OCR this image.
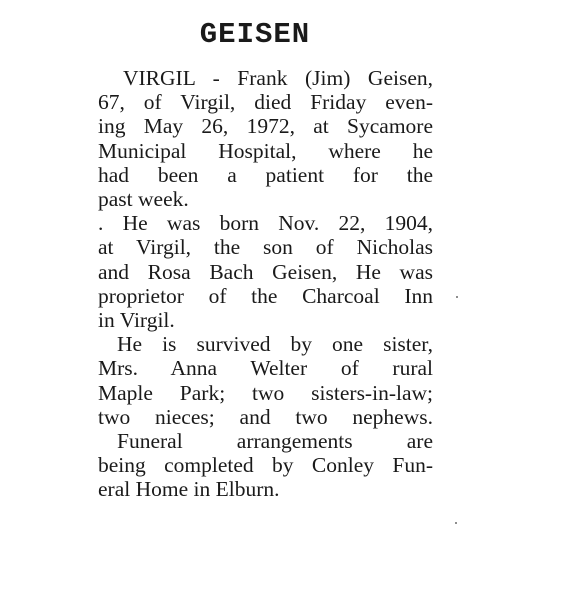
GEISEN
VIRGIL - Frank (Jim) Geisen,
67, of Virgil, died Friday even-
ing May 26, 1972, at Sycamore
Municipal Hospital, where he
had been a patient for the
past week.
. He was born Nov. 22, 1904,
at Virgil, the son of Nicholas
and Rosa Bach Geisen, He was
proprietor of the Charcoal Inn
in Virgil.
He is survived by one sister,
Mrs. Anna Welter of rural
Maple Park; two sisters-in-law;
two nieces; and two nephews.
Funeral arrangements are
being completed by Conley Fun-
eral Home in Elburn.
